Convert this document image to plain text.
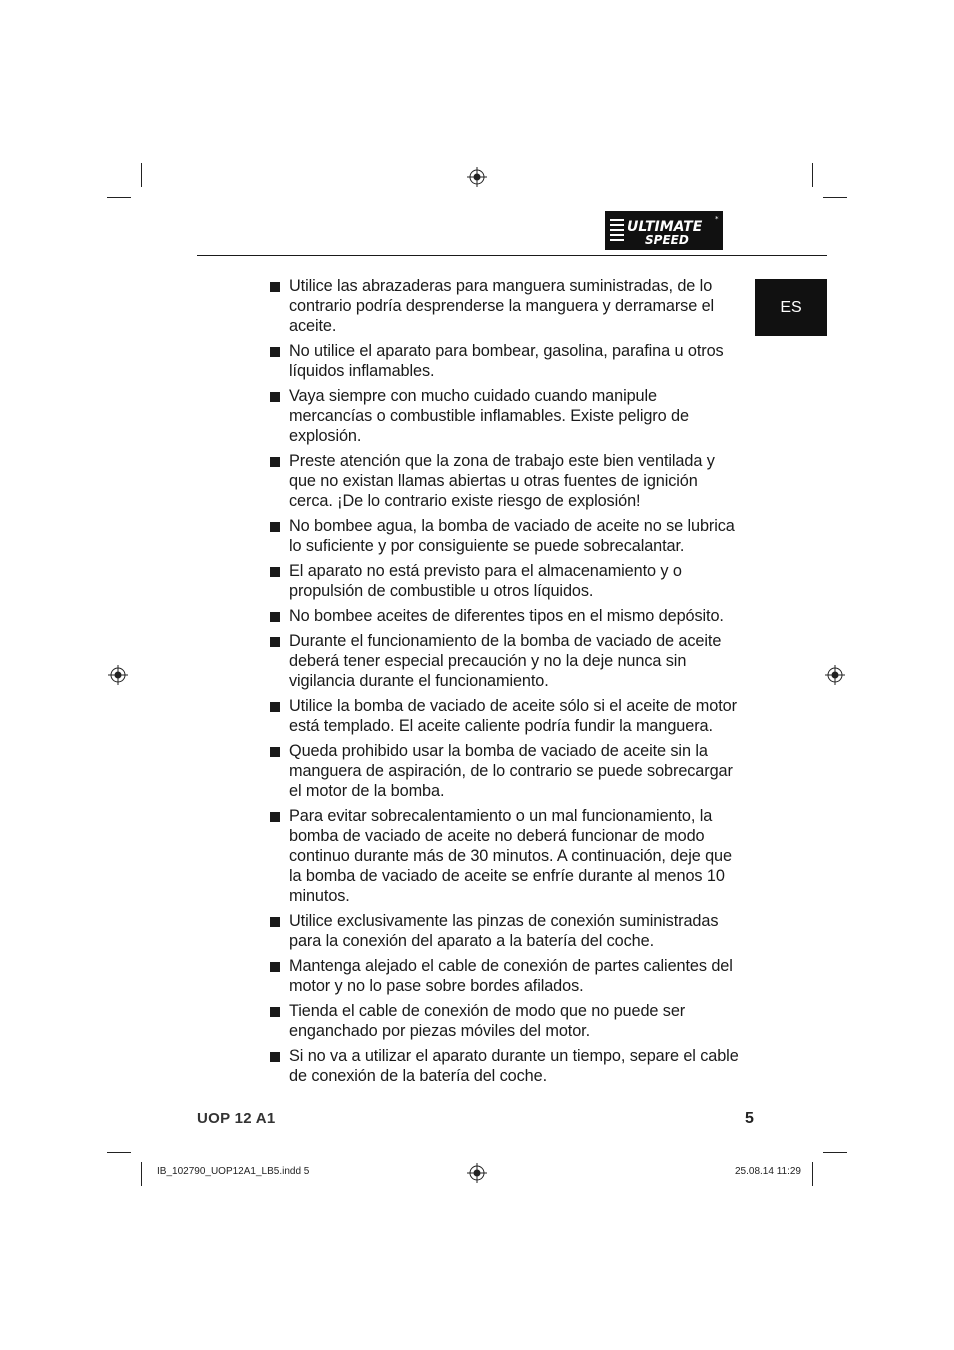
ULTIMATE
SPEED
*
ES
Utilice las abrazaderas para manguera suministradas, de lo contrario podría desprenderse la manguera y derramarse el aceite.
No utilice el aparato para bombear, gasolina, parafina u otros líquidos inflamables.
Vaya siempre con mucho cuidado cuando manipule mercancías o combustible inflamables. Existe peligro de explosión.
Preste atención que la zona de trabajo este bien ventilada y que no existan llamas abiertas u otras fuentes de ignición cerca. ¡De lo contrario existe riesgo de explosión!
No bombee agua, la bomba de vaciado de aceite no se lubrica lo suficiente y por consiguiente se puede sobrecalantar.
El aparato no está previsto para el almacenamiento y o propulsión de combustible u otros líquidos.
No bombee aceites de diferentes tipos en el mismo depósito.
Durante el funcionamiento de la bomba de vaciado de aceite deberá tener especial precaución y no la deje nunca sin vigilancia durante el funcionamiento.
Utilice la bomba de vaciado de aceite sólo si el aceite de motor está templado. El aceite caliente podría fundir la manguera.
Queda prohibido usar la bomba de vaciado de aceite sin la manguera de aspiración, de lo contrario se puede sobrecargar el motor de la bomba.
Para evitar sobrecalentamiento o un mal funcionamiento, la bomba de vaciado de aceite no deberá funcionar de modo continuo durante más de 30 minutos. A continuación, deje que la bomba de vaciado de aceite se enfríe durante al menos 10 minutos.
Utilice exclusivamente las pinzas de conexión suministradas para la conexión del aparato a la batería del coche.
Mantenga alejado el cable de conexión de partes calientes del motor y no lo pase sobre bordes afilados.
Tienda el cable de conexión de modo que no puede ser enganchado por piezas móviles del motor.
Si no va a utilizar el aparato durante un tiempo, separe el cable de conexión de la batería del coche.
UOP 12 A1	5
IB_102790_UOP12A1_LB5.indd 5	25.08.14 11:29
